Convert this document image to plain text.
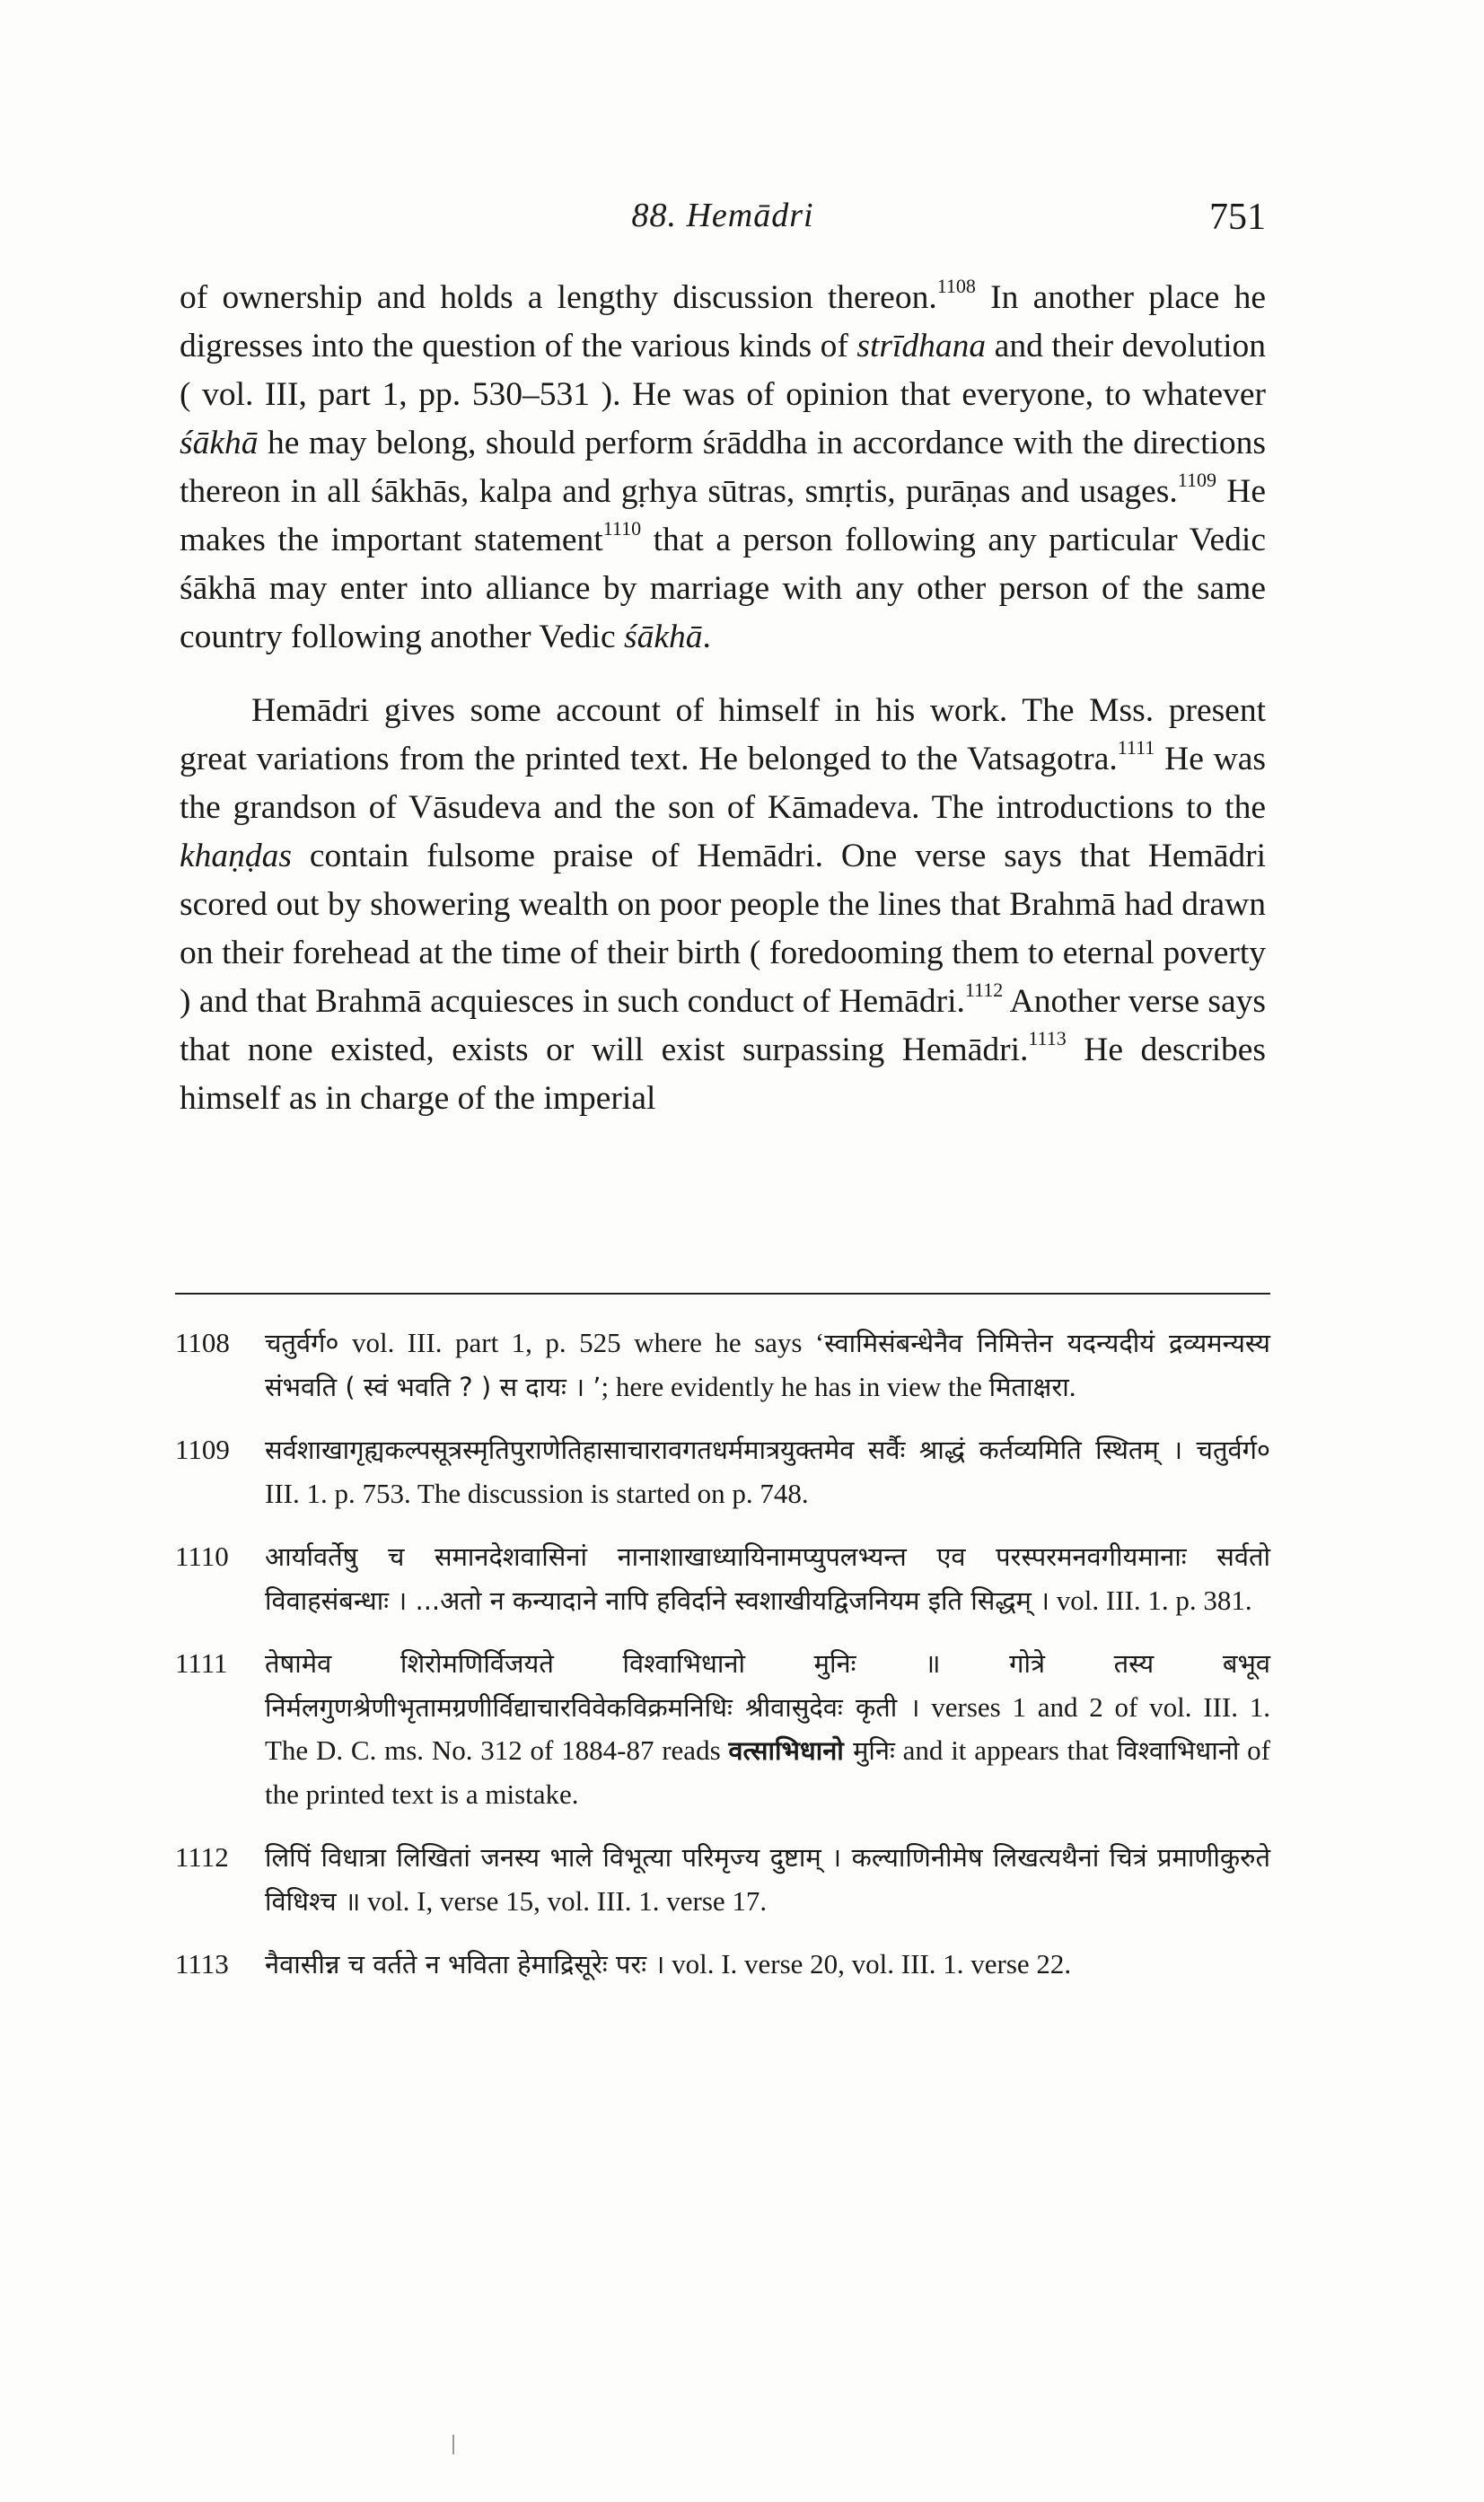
88. Hemādri	751

of ownership and holds a lengthy discussion thereon.$^{1108}$ In another place he digresses into the question of the various kinds of strīdhana and their devolution ( vol. III, part 1, pp. 530–531 ). He was of opinion that everyone, to whatever śākhā he may belong, should perform śrāddha in accordance with the directions thereon in all śākhās, kalpa and gṛhya sūtras, smṛtis, purāṇas and usages.$^{1109}$ He makes the important statement$^{1110}$ that a person following any particular Vedic śākhā may enter into alliance by marriage with any other person of the same country following another Vedic śākhā.

Hemādri gives some account of himself in his work. The Mss. present great variations from the printed text. He belonged to the Vatsagotra.$^{1111}$ He was the grandson of Vāsudeva and the son of Kāmadeva. The introductions to the khaṇḍas contain fulsome praise of Hemādri. One verse says that Hemādri scored out by showering wealth on poor people the lines that Brahmā had drawn on their forehead at the time of their birth ( foredooming them to eternal poverty ) and that Brahmā acquiesces in such conduct of Hemādri.$^{1112}$ Another verse says that none existed, exists or will exist surpassing Hemādri.$^{1113}$ He describes himself as in charge of the imperial

1108	चतुर्वर्ग० vol. III. part 1, p. 525 where he says ‘स्वामिसंबन्धेनैव निमित्तेन यदन्यदीयं द्रव्यमन्यस्य संभवति ( स्वं भवति ? ) स दायः । ’; here evidently he has in view the मिताक्षरा.
1109	सर्वशाखागृह्यकल्पसूत्रस्मृतिपुराणेतिहासाचारावगतधर्ममात्रयुक्तमेव सर्वैः श्राद्धं कर्तव्यमिति स्थितम् । चतुर्वर्ग० III. 1. p. 753. The discussion is started on p. 748.
1110	आर्यावर्तेषु च समानदेशवासिनां नानाशाखाध्यायिनामप्युपलभ्यन्त एव परस्परमनवगीयमानाः सर्वतो विवाहसंबन्धाः । ...अतो न कन्यादाने नापि हविर्दाने स्वशाखीयद्विजनियम इति सिद्धम् । vol. III. 1. p. 381.
1111	तेषामेव शिरोमणिर्विजयते विश्वाभिधानो मुनिः ॥ गोत्रे तस्य बभूव निर्मलगुणश्रेणीभृतामग्रणीर्विद्याचारविवेकविक्रमनिधिः श्रीवासुदेवः कृती । verses 1 and 2 of vol. III. 1. The D. C. ms. No. 312 of 1884-87 reads वत्साभिधानो मुनिः and it appears that विश्वाभिधानो of the printed text is a mistake.
1112	लिपिं विधात्रा लिखितां जनस्य भाले विभूत्या परिमृज्य दुष्टाम् । कल्याणिनीमेष लिखत्यथैनां चित्रं प्रमाणीकुरुते विधिश्च ॥ vol. I, verse 15, vol. III. 1. verse 17.
1113	नैवासीन्न च वर्तते न भविता हेमाद्रिसूरेः परः । vol. I. verse 20, vol. III. 1. verse 22.
